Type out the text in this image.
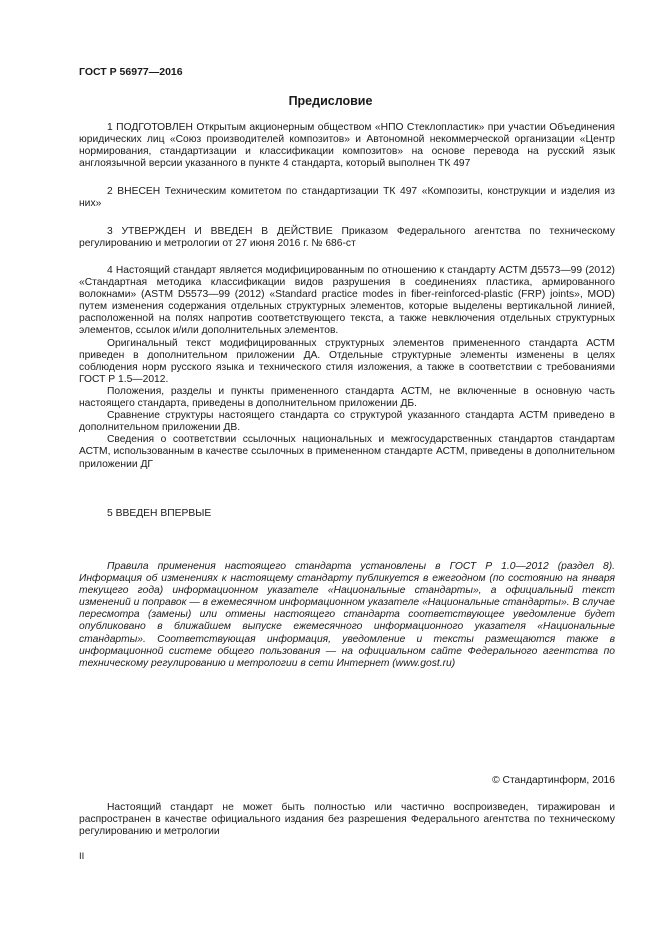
ГОСТ Р 56977—2016
Предисловие

1 ПОДГОТОВЛЕН Открытым акционерным обществом «НПО Стеклопластик» при участии Объединения юридических лиц «Союз производителей композитов» и Автономной некоммерческой организации «Центр нормирования, стандартизации и классификации композитов» на основе перевода на русский язык англоязычной версии указанного в пункте 4 стандарта, который выполнен ТК 497

2 ВНЕСЕН Техническим комитетом по стандартизации ТК 497 «Композиты, конструкции и изделия из них»

3 УТВЕРЖДЕН И ВВЕДЕН В ДЕЙСТВИЕ Приказом Федерального агентства по техническому регулированию и метрологии от 27 июня 2016 г. № 686-ст

4 Настоящий стандарт является модифицированным по отношению к стандарту АСТМ Д5573—99 (2012) «Стандартная методика классификации видов разрушения в соединениях пластика, армированного волокнами» (ASTM D5573—99 (2012) «Standard practice modes in fiber-reinforced-plastic (FRP) joints», MOD) путем изменения содержания отдельных структурных элементов, которые выделены вертикальной линией, расположенной на полях напротив соответствующего текста, а также невключения отдельных структурных элементов, ссылок и/или дополнительных элементов.

Оригинальный текст модифицированных структурных элементов примененного стандарта АСТМ приведен в дополнительном приложении ДА. Отдельные структурные элементы изменены в целях соблюдения норм русского языка и технического стиля изложения, а также в соответствии с требованиями ГОСТ Р 1.5—2012.

Положения, разделы и пункты примененного стандарта АСТМ, не включенные в основную часть настоящего стандарта, приведены в дополнительном приложении ДБ.

Сравнение структуры настоящего стандарта со структурой указанного стандарта АСТМ приведено в дополнительном приложении ДВ.

Сведения о соответствии ссылочных национальных и межгосударственных стандартов стандартам АСТМ, использованным в качестве ссылочных в примененном стандарте АСТМ, приведены в дополнительном приложении ДГ

5 ВВЕДЕН ВПЕРВЫЕ

Правила применения настоящего стандарта установлены в ГОСТ Р 1.0—2012 (раздел 8). Информация об изменениях к настоящему стандарту публикуется в ежегодном (по состоянию на января текущего года) информационном указателе «Национальные стандарты», а официальный текст изменений и поправок — в ежемесячном информационном указателе «Национальные стандарты». В случае пересмотра (замены) или отмены настоящего стандарта соответствующее уведомление будет опубликовано в ближайшем выпуске ежемесячного информационного указателя «Национальные стандарты». Соответствующая информация, уведомление и тексты размещаются также в информационной системе общего пользования — на официальном сайте Федерального агентства по техническому регулированию и метрологии в сети Интернет (www.gost.ru)

© Стандартинформ, 2016

Настоящий стандарт не может быть полностью или частично воспроизведен, тиражирован и распространен в качестве официального издания без разрешения Федерального агентства по техническому регулированию и метрологии

II
